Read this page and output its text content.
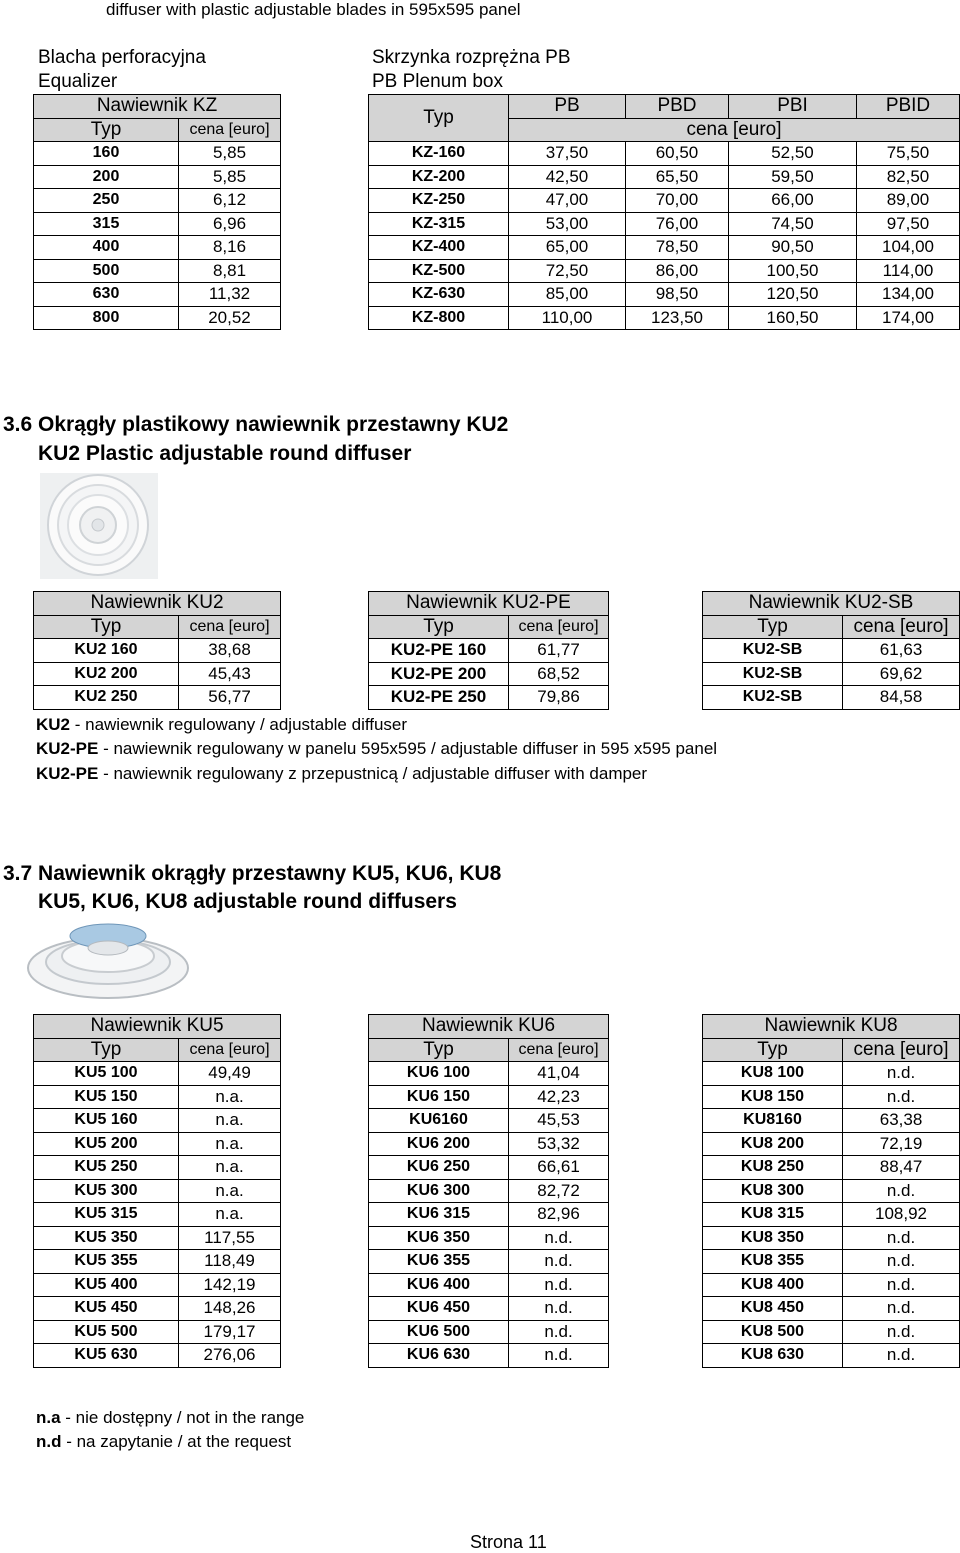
diffuser with plastic adjustable blades in 595x595 panel
Blacha perforacyjna
Equalizer
Skrzynka rozprężna PB
PB Plenum box
Nawiewnik KZ	
Typ	cena [euro]
160	5,85
200	5,85
250	6,12
315	6,96
400	8,16
500	8,81
630	11,32
800	20,52
Typ	PB	PBD	PBI	PBID
	cena [euro]			
KZ-160	37,50	60,50	52,50	75,50
KZ-200	42,50	65,50	59,50	82,50
KZ-250	47,00	70,00	66,00	89,00
KZ-315	53,00	76,00	74,50	97,50
KZ-400	65,00	78,50	90,50	104,00
KZ-500	72,50	86,00	100,50	114,00
KZ-630	85,00	98,50	120,50	134,00
KZ-800	110,00	123,50	160,50	174,00
3.6 Okrągły plastikowy nawiewnik przestawny KU2
KU2 Plastic adjustable round diffuser
Nawiewnik KU2	
Typ	cena [euro]
KU2 160	38,68
KU2 200	45,43
KU2 250	56,77
Nawiewnik KU2-PE	
Typ	cena [euro]
KU2-PE 160	61,77
KU2-PE 200	68,52
KU2-PE 250	79,86
Nawiewnik KU2-SB	
Typ	cena [euro]
KU2-SB	61,63
KU2-SB	69,62
KU2-SB	84,58
KU2 - nawiewnik regulowany / adjustable diffuser
KU2-PE - nawiewnik regulowany w panelu 595x595 / adjustable diffuser in 595 x595 panel
KU2-PE - nawiewnik regulowany z przepustnicą / adjustable diffuser with damper
3.7 Nawiewnik okrągły przestawny KU5, KU6, KU8
KU5, KU6, KU8 adjustable round diffusers
Nawiewnik KU5	
Typ	cena [euro]
KU5 100	49,49
KU5 150	n.a.
KU5 160	n.a.
KU5 200	n.a.
KU5 250	n.a.
KU5 300	n.a.
KU5 315	n.a.
KU5 350	117,55
KU5 355	118,49
KU5 400	142,19
KU5 450	148,26
KU5 500	179,17
KU5 630	276,06
Nawiewnik KU6	
Typ	cena [euro]
KU6 100	41,04
KU6 150	42,23
KU6160	45,53
KU6 200	53,32
KU6 250	66,61
KU6 300	82,72
KU6 315	82,96
KU6 350	n.d.
KU6 355	n.d.
KU6 400	n.d.
KU6 450	n.d.
KU6 500	n.d.
KU6 630	n.d.
Nawiewnik KU8	
Typ	cena [euro]
KU8 100	n.d.
KU8 150	n.d.
KU8160	63,38
KU8 200	72,19
KU8 250	88,47
KU8 300	n.d.
KU8 315	108,92
KU8 350	n.d.
KU8 355	n.d.
KU8 400	n.d.
KU8 450	n.d.
KU8 500	n.d.
KU8 630	n.d.
n.a - nie dostępny / not in the range
n.d - na zapytanie / at the request
Strona 11
